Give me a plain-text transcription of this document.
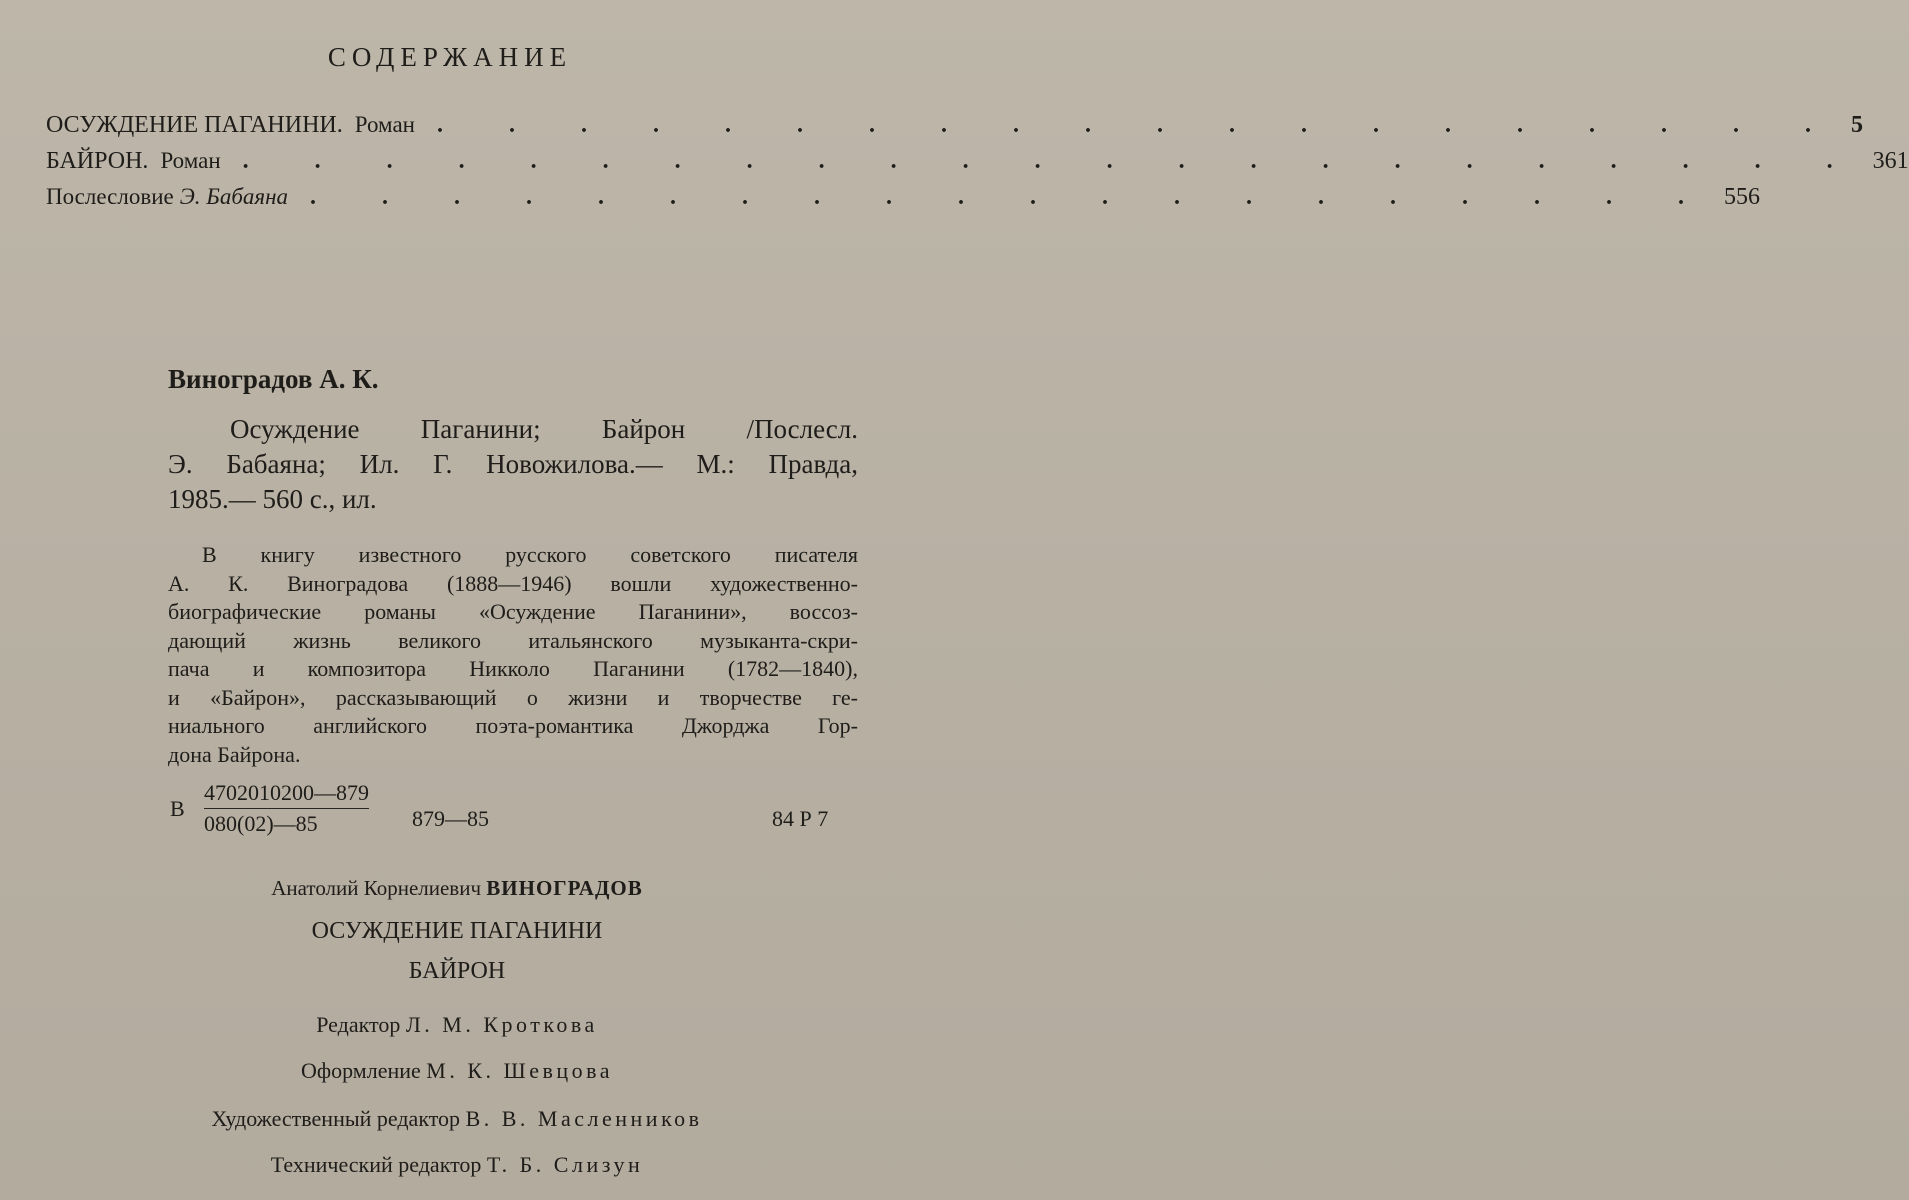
СОДЕРЖАНИЕ
ОСУЖДЕНИЕ ПАГАНИНИ. Роман . . . . . . . . . . . . . . . . . . . . 5
БАЙРОН. Роман . . . . . . . . . . . . . . . . . . . . . . . 361
Послесловие Э. Бабаяна . . . . . . . . . . . . . . . . . . . . 556
Виноградов А. К.
Осуждение Паганини; Байрон /Послесл.
Э. Бабаяна; Ил. Г. Новожилова.— М.: Правда,
1985.— 560 с., ил.
В книгу известного русского советского писателя
А. К. Виноградова (1888—1946) вошли художественно-
биографические романы «Осуждение Паганини», воссоз-
дающий жизнь великого итальянского музыканта-скри-
пача и композитора Никколо Паганини (1782—1840),
и «Байрон», рассказывающий о жизни и творчестве ге-
ниального английского поэта-романтика Джорджа Гор-
дона Байрона.
В $\frac{4702010200—879}{080(02)—85}$ 879—85	84 Р 7
Анатолий Корнелиевич ВИНОГРАДОВ
ОСУЖДЕНИЕ ПАГАНИНИ
БАЙРОН
Редактор Л. М. Кроткова
Оформление М. К. Шевцова
Художественный редактор В. В. Масленников
Технический редактор Т. Б. Слизун
